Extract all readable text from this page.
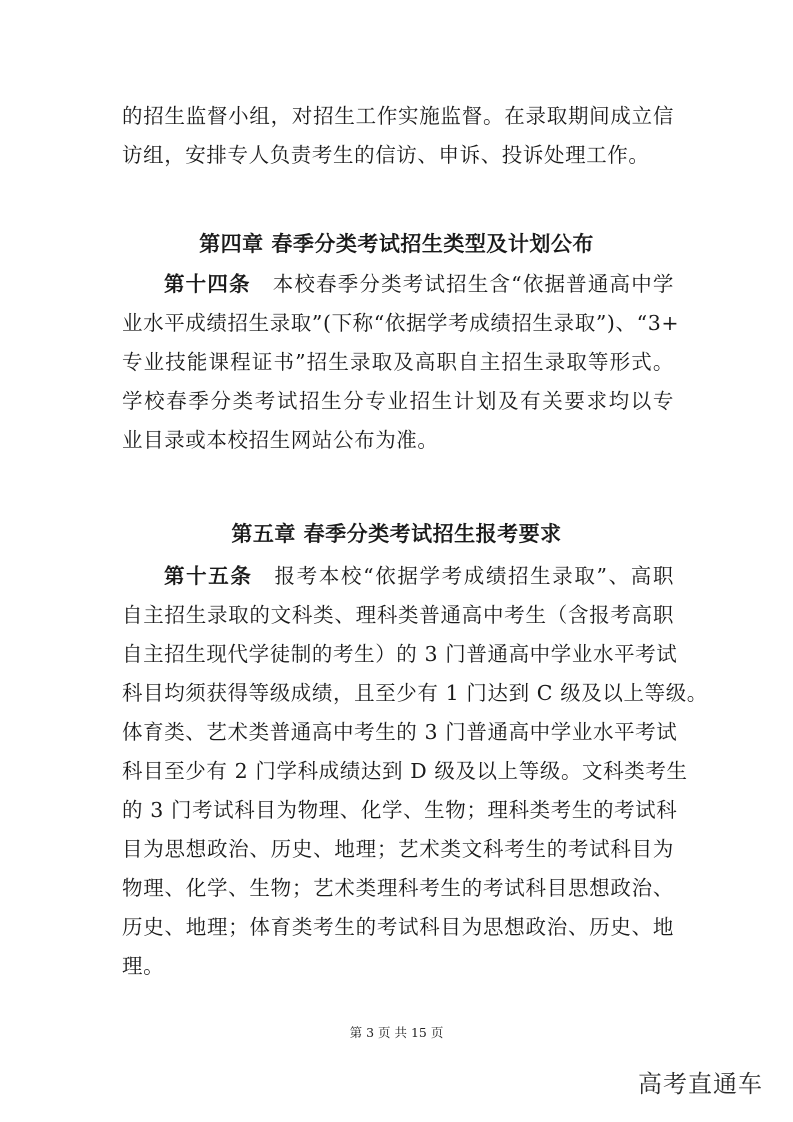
的招生监督小组，对招生工作实施监督。在录取期间成立信
访组，安排专人负责考生的信访、申诉、投诉处理工作。
第四章 春季分类考试招生类型及计划公布
第十四条 本校春季分类考试招生含“依据普通高中学
业水平成绩招生录取”(下称“依据学考成绩招生录取”)、“3+
专业技能课程证书”招生录取及高职自主招生录取等形式。
学校春季分类考试招生分专业招生计划及有关要求均以专
业目录或本校招生网站公布为准。
第五章 春季分类考试招生报考要求
第十五条 报考本校“依据学考成绩招生录取”、高职
自主招生录取的文科类、理科类普通高中考生（含报考高职
自主招生现代学徒制的考生）的 3 门普通高中学业水平考试
科目均须获得等级成绩，且至少有 1 门达到 C 级及以上等级。
体育类、艺术类普通高中考生的 3 门普通高中学业水平考试
科目至少有 2 门学科成绩达到 D 级及以上等级。文科类考生
的 3 门考试科目为物理、化学、生物；理科类考生的考试科
目为思想政治、历史、地理；艺术类文科考生的考试科目为
物理、化学、生物；艺术类理科考生的考试科目思想政治、
历史、地理；体育类考生的考试科目为思想政治、历史、地
理。
第 3 页 共 15 页
高考直通车
